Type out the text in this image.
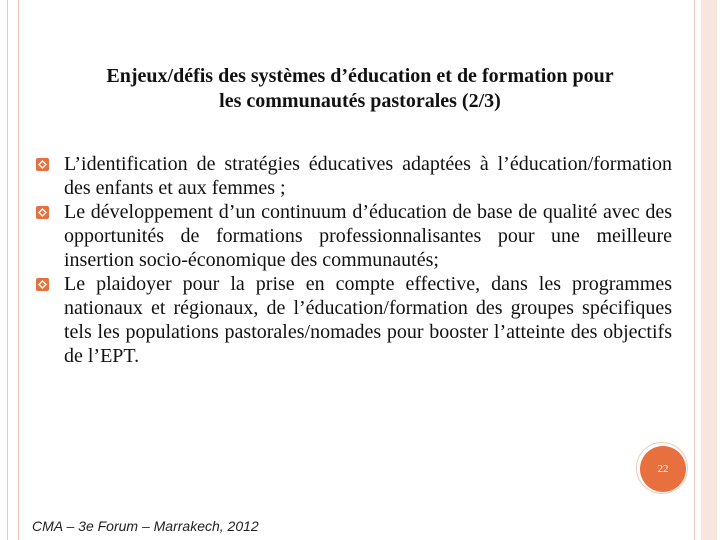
Enjeux/défis des systèmes d’éducation et de formation pour
les communautés pastorales (2/3)
L’identification de stratégies éducatives adaptées à l’éducation/formation des enfants et aux femmes ;
Le développement d’un continuum d’éducation de base de qualité avec des opportunités de formations professionnalisantes pour une meilleure insertion socio-économique des communautés;
Le plaidoyer pour la prise en compte effective, dans les programmes nationaux et régionaux, de l’éducation/formation des groupes spécifiques tels les populations pastorales/nomades pour booster l’atteinte des objectifs de l’EPT.
22
CMA – 3e Forum – Marrakech, 2012
